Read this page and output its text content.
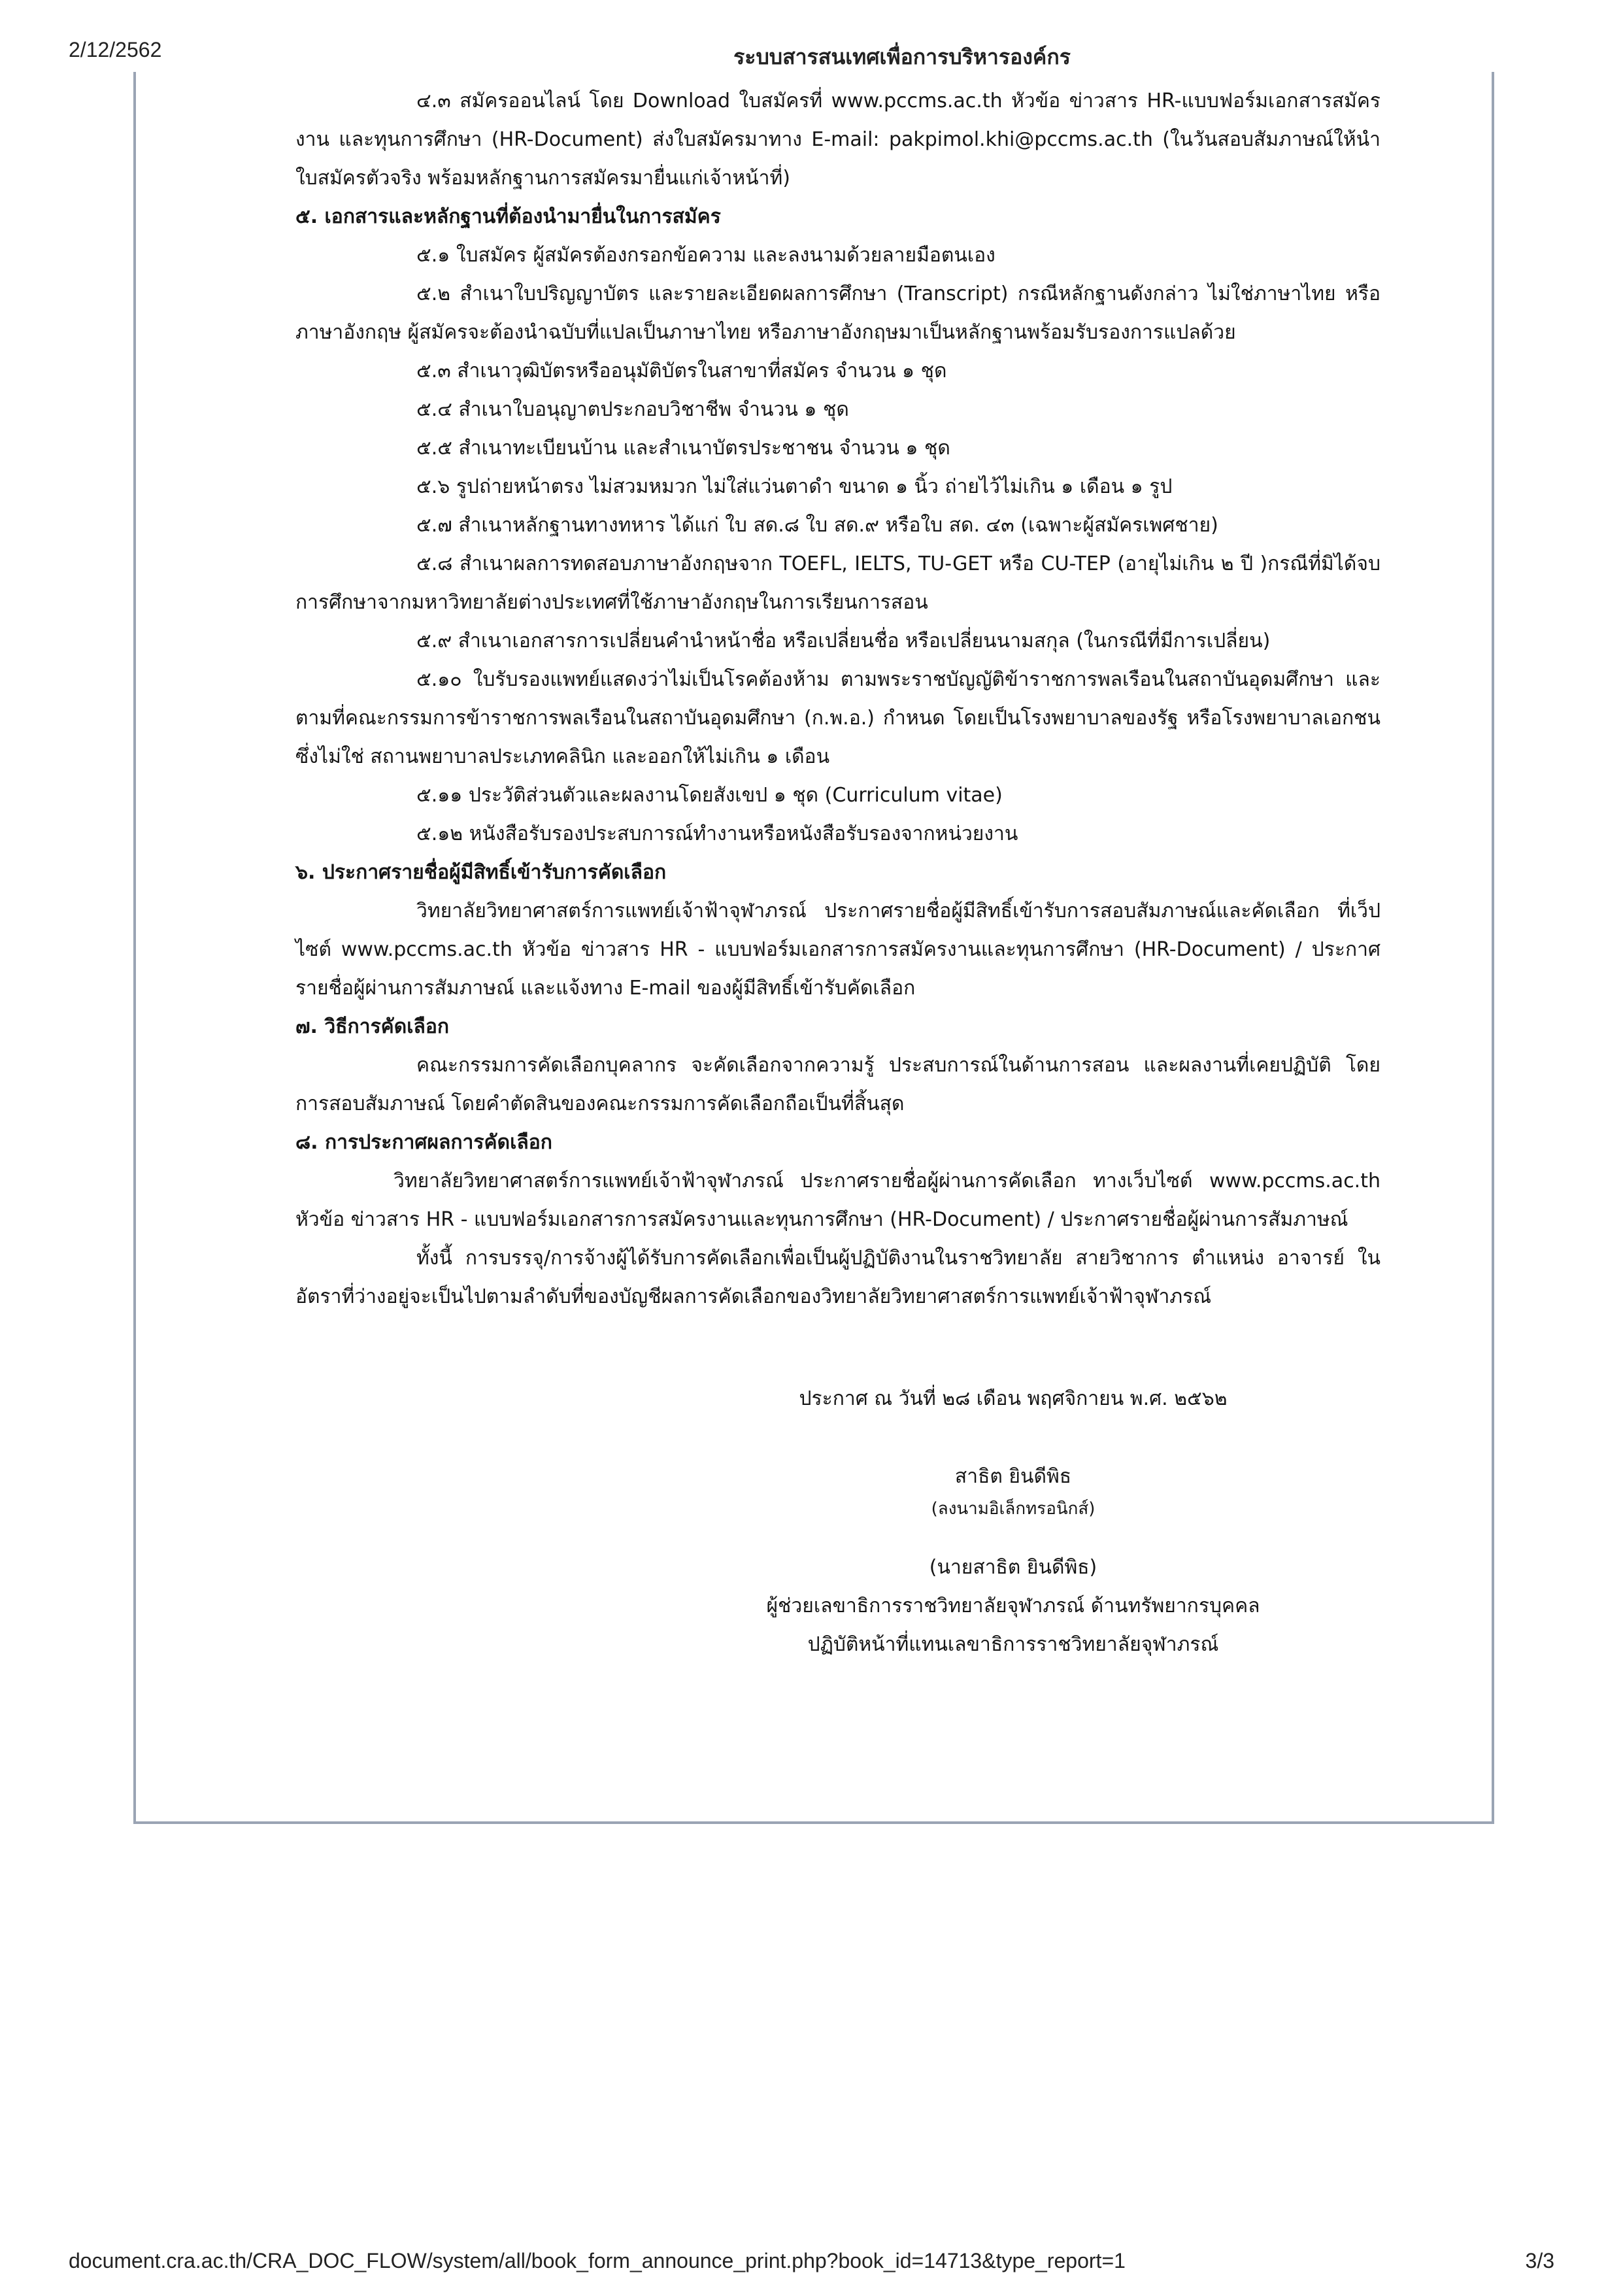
2/12/2562	ระบบสารสนเทศเพื่อการบริหารองค์กร

๔.๓ สมัครออนไลน์ โดย Download ใบสมัครที่ www.pccms.ac.th หัวข้อ ข่าวสาร HR-แบบฟอร์มเอกสารสมัครงาน และทุนการศึกษา (HR-Document) ส่งใบสมัครมาทาง E-mail: pakpimol.khi@pccms.ac.th (ในวันสอบสัมภาษณ์ให้นำใบสมัครตัวจริง พร้อมหลักฐานการสมัครมายื่นแก่เจ้าหน้าที่)

๕. เอกสารและหลักฐานที่ต้องนำมายื่นในการสมัคร

๕.๑ ใบสมัคร ผู้สมัครต้องกรอกข้อความ และลงนามด้วยลายมือตนเอง

๕.๒ สำเนาใบปริญญาบัตร และรายละเอียดผลการศึกษา (Transcript) กรณีหลักฐานดังกล่าว ไม่ใช่ภาษาไทย หรือภาษาอังกฤษ ผู้สมัครจะต้องนำฉบับที่แปลเป็นภาษาไทย หรือภาษาอังกฤษมาเป็นหลักฐานพร้อมรับรองการแปลด้วย

๕.๓ สำเนาวุฒิบัตรหรืออนุมัติบัตรในสาขาที่สมัคร จำนวน ๑ ชุด

๕.๔ สำเนาใบอนุญาตประกอบวิชาชีพ จำนวน ๑ ชุด

๕.๕ สำเนาทะเบียนบ้าน และสำเนาบัตรประชาชน จำนวน ๑ ชุด

๕.๖ รูปถ่ายหน้าตรง ไม่สวมหมวก ไม่ใส่แว่นตาดำ ขนาด ๑ นิ้ว ถ่ายไว้ไม่เกิน ๑ เดือน ๑ รูป

๕.๗ สำเนาหลักฐานทางทหาร ได้แก่ ใบ สด.๘ ใบ สด.๙ หรือใบ สด. ๔๓ (เฉพาะผู้สมัครเพศชาย)

๕.๘ สำเนาผลการทดสอบภาษาอังกฤษจาก TOEFL, IELTS, TU-GET หรือ CU-TEP (อายุไม่เกิน ๒ ปี )กรณีที่มิได้จบการศึกษาจากมหาวิทยาลัยต่างประเทศที่ใช้ภาษาอังกฤษในการเรียนการสอน

๕.๙ สำเนาเอกสารการเปลี่ยนคำนำหน้าชื่อ หรือเปลี่ยนชื่อ หรือเปลี่ยนนามสกุล (ในกรณีที่มีการเปลี่ยน)

๕.๑๐ ใบรับรองแพทย์แสดงว่าไม่เป็นโรคต้องห้าม ตามพระราชบัญญัติข้าราชการพลเรือนในสถาบันอุดมศึกษา และตามที่คณะกรรมการข้าราชการพลเรือนในสถาบันอุดมศึกษา (ก.พ.อ.) กำหนด โดยเป็นโรงพยาบาลของรัฐ หรือโรงพยาบาลเอกชน ซึ่งไม่ใช่ สถานพยาบาลประเภทคลินิก และออกให้ไม่เกิน ๑ เดือน

๕.๑๑ ประวัติส่วนตัวและผลงานโดยสังเขป ๑ ชุด (Curriculum vitae)

๕.๑๒ หนังสือรับรองประสบการณ์ทำงานหรือหนังสือรับรองจากหน่วยงาน

๖. ประกาศรายชื่อผู้มีสิทธิ์เข้ารับการคัดเลือก

วิทยาลัยวิทยาศาสตร์การแพทย์เจ้าฟ้าจุฬาภรณ์ ประกาศรายชื่อผู้มีสิทธิ์เข้ารับการสอบสัมภาษณ์และคัดเลือก ที่เว็ปไซต์ www.pccms.ac.th หัวข้อ ข่าวสาร HR - แบบฟอร์มเอกสารการสมัครงานและทุนการศึกษา (HR-Document) / ประกาศรายชื่อผู้ผ่านการสัมภาษณ์ และแจ้งทาง E-mail ของผู้มีสิทธิ์เข้ารับคัดเลือก

๗. วิธีการคัดเลือก

คณะกรรมการคัดเลือกบุคลากร จะคัดเลือกจากความรู้ ประสบการณ์ในด้านการสอน และผลงานที่เคยปฏิบัติ โดยการสอบสัมภาษณ์ โดยคำตัดสินของคณะกรรมการคัดเลือกถือเป็นที่สิ้นสุด

๘. การประกาศผลการคัดเลือก

วิทยาลัยวิทยาศาสตร์การแพทย์เจ้าฟ้าจุฬาภรณ์ ประกาศรายชื่อผู้ผ่านการคัดเลือก ทางเว็บไซต์ www.pccms.ac.th หัวข้อ ข่าวสาร HR - แบบฟอร์มเอกสารการสมัครงานและทุนการศึกษา (HR-Document) / ประกาศรายชื่อผู้ผ่านการสัมภาษณ์

ทั้งนี้ การบรรจุ/การจ้างผู้ได้รับการคัดเลือกเพื่อเป็นผู้ปฏิบัติงานในราชวิทยาลัย สายวิชาการ ตำแหน่ง อาจารย์ ในอัตราที่ว่างอยู่จะเป็นไปตามลำดับที่ของบัญชีผลการคัดเลือกของวิทยาลัยวิทยาศาสตร์การแพทย์เจ้าฟ้าจุฬาภรณ์

ประกาศ ณ วันที่ ๒๘ เดือน พฤศจิกายน พ.ศ. ๒๕๖๒

สาธิต ยินดีพิธ

(ลงนามอิเล็กทรอนิกส์)

(นายสาธิต ยินดีพิธ)

ผู้ช่วยเลขาธิการราชวิทยาลัยจุฬาภรณ์ ด้านทรัพยากรบุคคล

ปฏิบัติหน้าที่แทนเลขาธิการราชวิทยาลัยจุฬาภรณ์

document.cra.ac.th/CRA_DOC_FLOW/system/all/book_form_announce_print.php?book_id=14713&type_report=1	3/3
